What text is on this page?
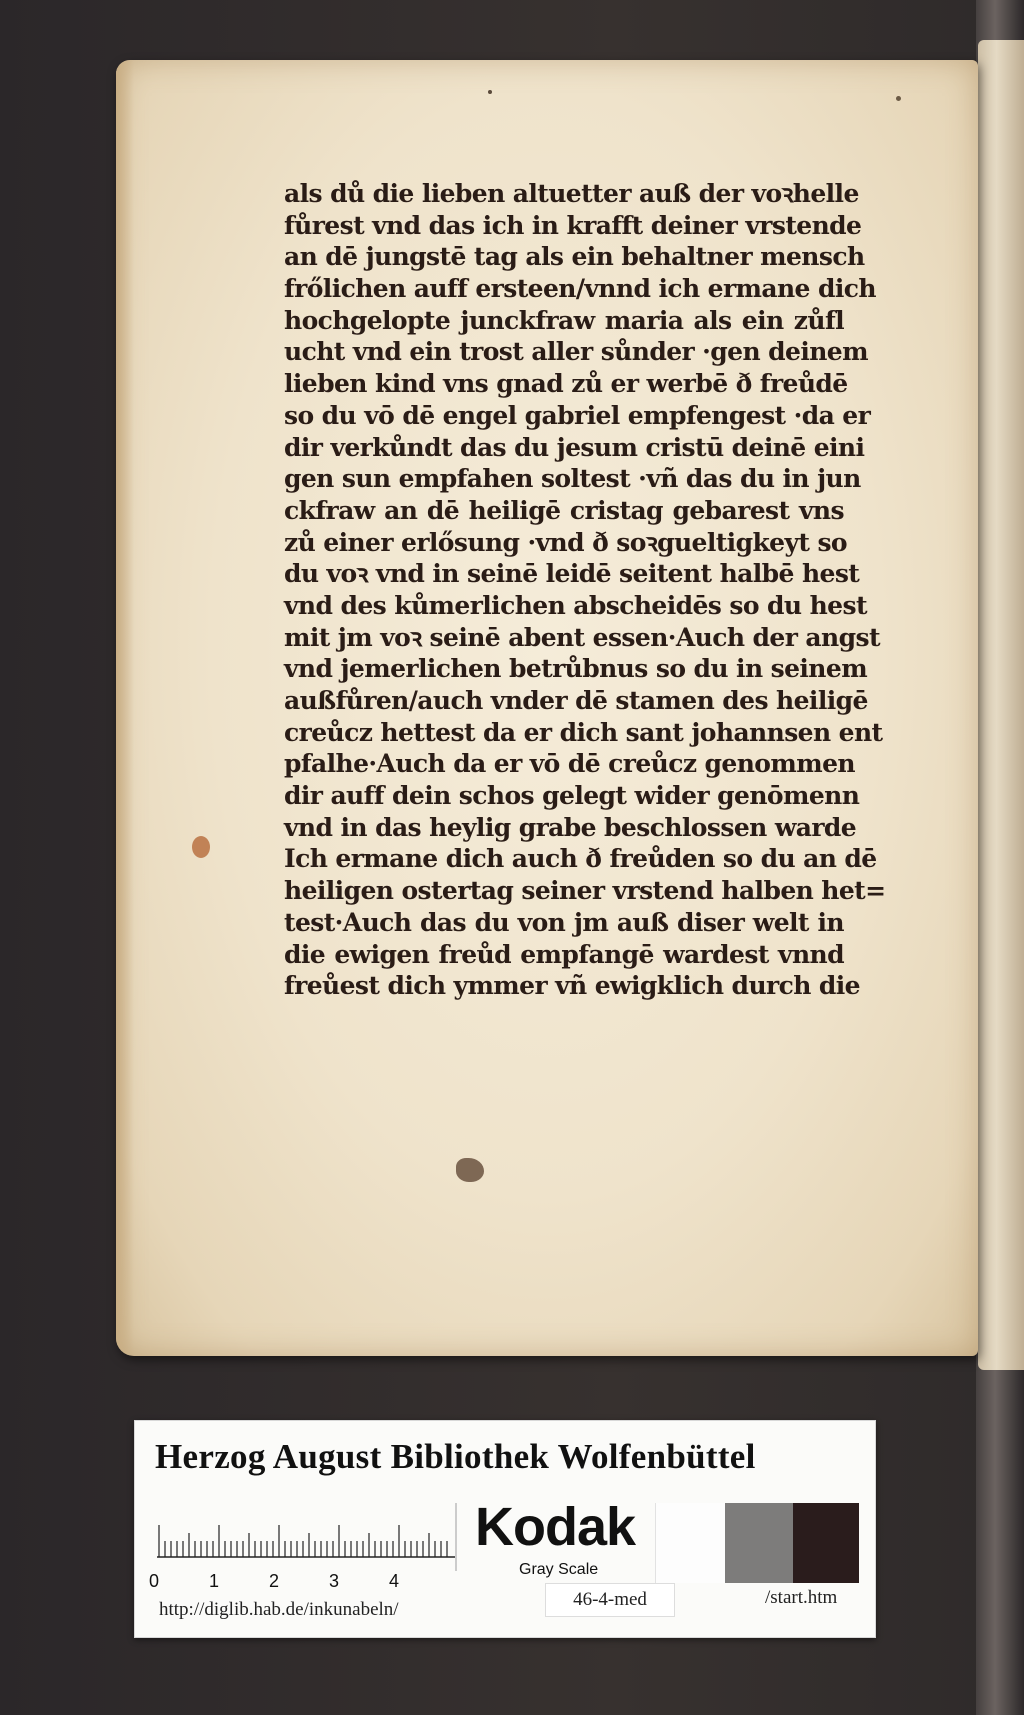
als dů die lieben altuetter auß der voꝛhelle
fůrest vnd das ich in krafft deiner vrstende
an dē jungstē tag als ein behaltner mensch
frőlichen auff ersteen/vnnd ich ermane dich
hochgelopte junckfraw maria als ein zůfl
ucht vnd ein trost aller sůnder ·gen deinem
lieben kind vns gnad zů er werbē ð freůdē
so du vō dē engel gabriel empfengest ·da er
dir verkůndt das du jesum cristū deinē eini
gen sun empfahen soltest ·vñ das du in jun
ckfraw an dē heiligē cristag gebarest vns
zů einer erlősung ·vnd ð soꝛgueltigkeyt so
du voꝛ vnd in seinē leidē seitent halbē hest
vnd des kůmerlichen abscheidēs so du hest
mit jm voꝛ seinē abent essen·Auch der angst
vnd jemerlichen betrůbnus so du in seinem
außfůren/auch vnder dē stamen des heiligē
creůcz hettest da er dich sant johannsen ent
pfalhe·Auch da er vō dē creůcz genommen
dir auff dein schos gelegt wider genōmenn
vnd in das heylig grabe beschlossen warde
Ich ermane dich auch ð freůden so du an dē
heiligen ostertag seiner vrstend halben het=
test·Auch das du von jm auß diser welt in
die ewigen freůd empfangē wardest vnnd
freůest dich ymmer vñ ewigklich durch die
Herzog August Bibliothek Wolfenbüttel
0	1	2	3	4
Kodak
Gray Scale
http://diglib.hab.de/inkunabeln/	46-4-med	/start.htm
